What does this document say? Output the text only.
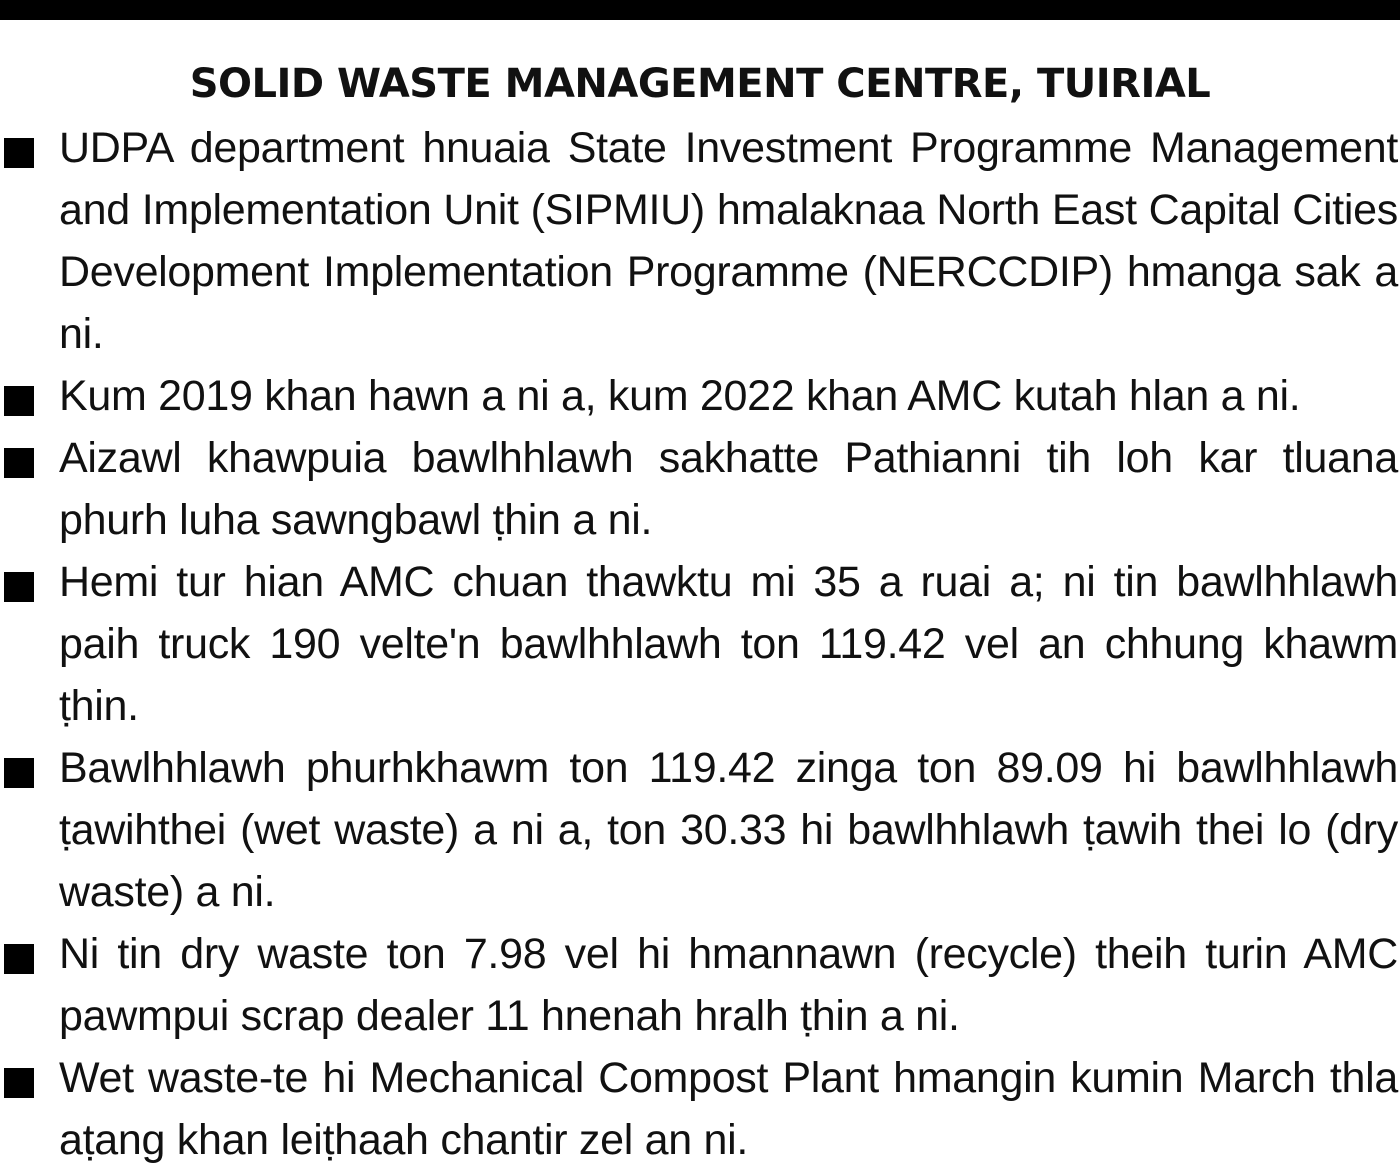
SOLID WASTE MANAGEMENT CENTRE, TUIRIAL
UDPA department hnuaia State Investment Programme Management and Implementation Unit (SIPMIU) hmalaknaa North East Capital Cities Development Implementation Programme (NERCCDIP) hmanga sak a ni.
Kum 2019 khan hawn a ni a, kum 2022 khan AMC kutah hlan a ni.
Aizawl khawpuia bawlhhlawh sakhatte Pathianni tih loh kar tluana phurh luha sawngbawl ṭhin a ni.
Hemi tur hian AMC chuan thawktu mi 35 a ruai a; ni tin bawlhhlawh paih truck 190 velte'n bawlhhlawh ton 119.42 vel an chhung khawm ṭhin.
Bawlhhlawh phurhkhawm ton 119.42 zinga ton 89.09 hi bawlhhlawh ṭawihthei (wet waste) a ni a, ton 30.33 hi bawlhhlawh ṭawih thei lo (dry waste) a ni.
Ni tin dry waste ton 7.98 vel hi hmannawn (recycle) theih turin AMC pawmpui scrap dealer 11 hnenah hralh ṭhin a ni.
Wet waste-te hi Mechanical Compost Plant hmangin kumin March thla aṭang khan leiṭhaah chantir zel an ni.
